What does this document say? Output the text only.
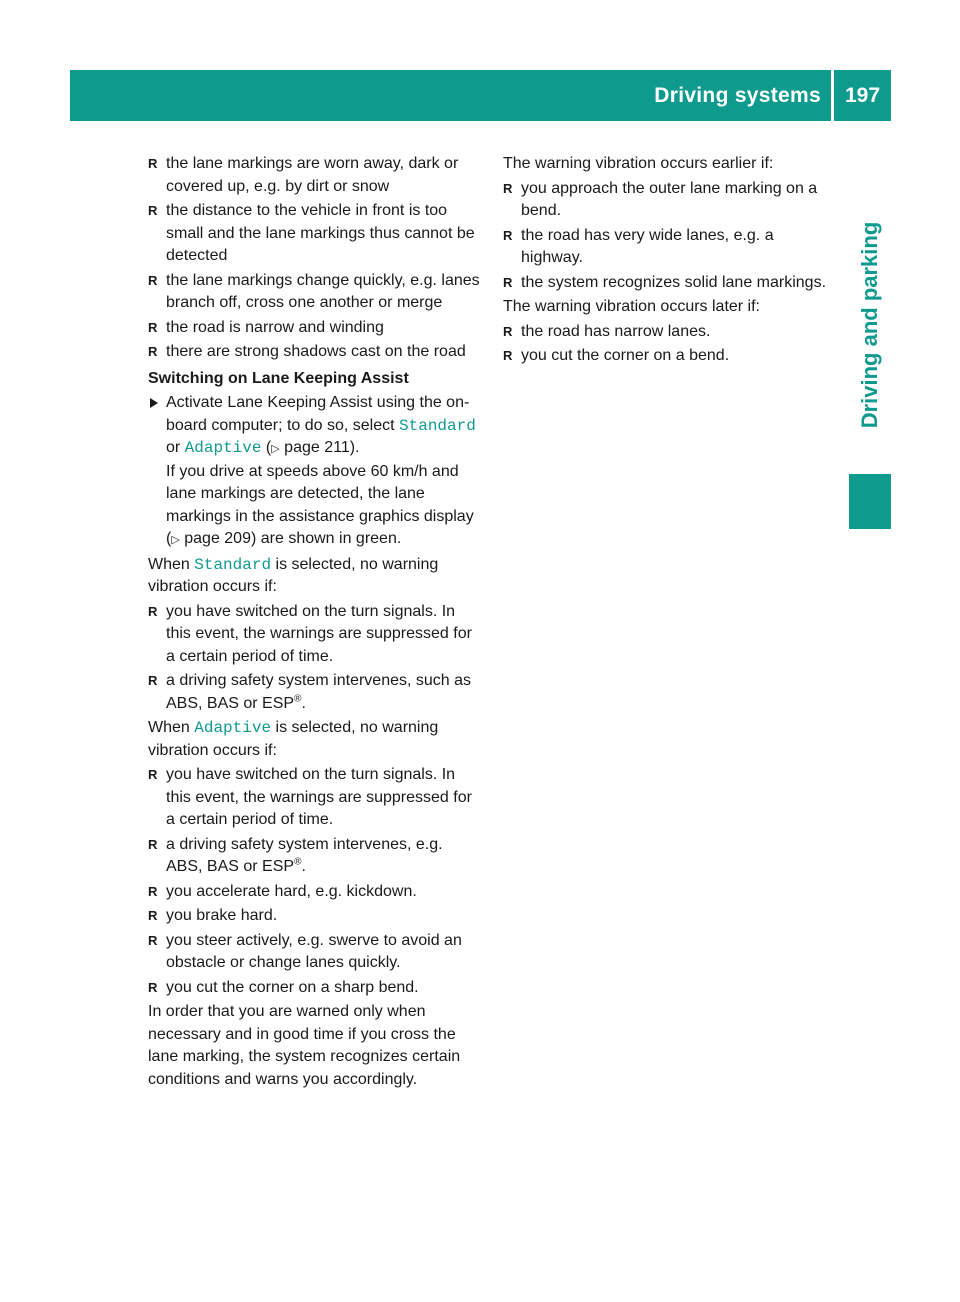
Driving systems	197
Driving and parking
R the lane markings are worn away, dark or covered up, e.g. by dirt or snow
R the distance to the vehicle in front is too small and the lane markings thus cannot be detected
R the lane markings change quickly, e.g. lanes branch off, cross one another or merge
R the road is narrow and winding
R there are strong shadows cast on the road
Switching on Lane Keeping Assist
Activate Lane Keeping Assist using the on-board computer; to do so, select Standard
or Adaptive (▷ page 211).
If you drive at speeds above 60 km/h and lane markings are detected, the lane markings in the assistance graphics display (▷ page 209) are shown in green.

When Standard is selected, no warning vibration occurs if:

R you have switched on the turn signals. In this event, the warnings are suppressed for a certain period of time.
R a driving safety system intervenes, such as ABS, BAS or ESP®.

When Adaptive is selected, no warning vibration occurs if:

R you have switched on the turn signals. In this event, the warnings are suppressed for a certain period of time.
R a driving safety system intervenes, e.g. ABS, BAS or ESP®.
R you accelerate hard, e.g. kickdown.
R you brake hard.
R you steer actively, e.g. swerve to avoid an obstacle or change lanes quickly.
R you cut the corner on a sharp bend.

In order that you are warned only when necessary and in good time if you cross the lane marking, the system recognizes certain conditions and warns you accordingly.

The warning vibration occurs earlier if:

R you approach the outer lane marking on a bend.
R the road has very wide lanes, e.g. a highway.
R the system recognizes solid lane markings.

The warning vibration occurs later if:

R the road has narrow lanes.
R you cut the corner on a bend.
